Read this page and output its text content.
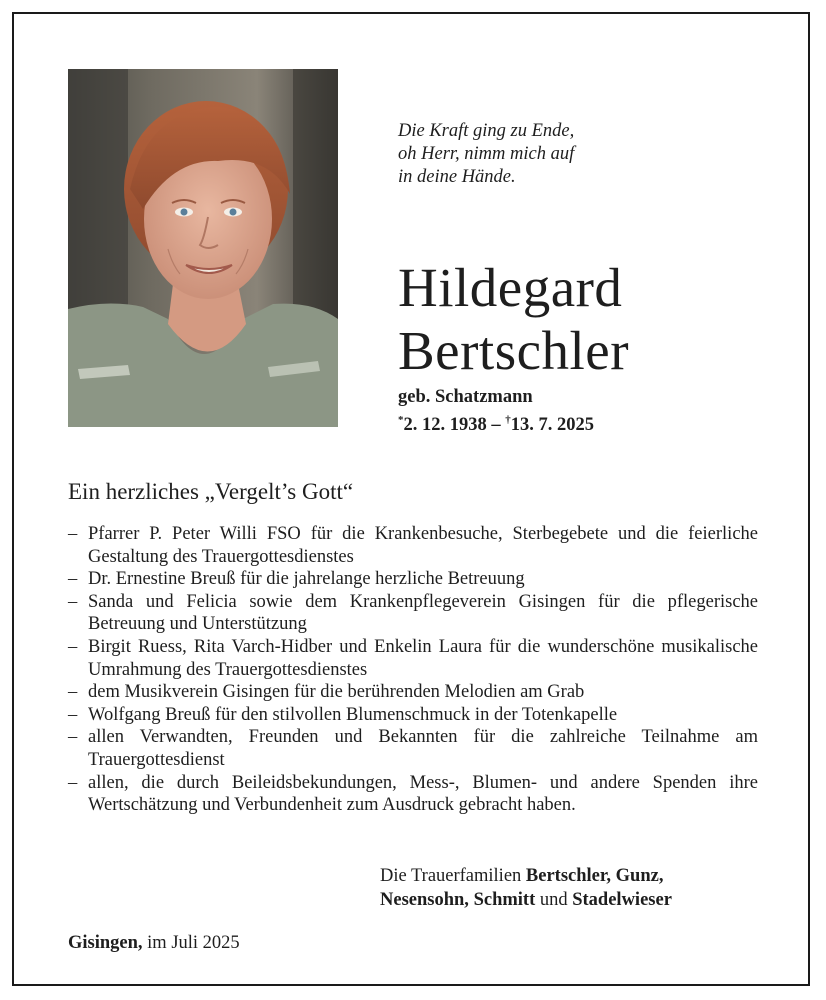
Die Kraft ging zu Ende,
oh Herr, nimm mich auf
in deine Hände.
Hildegard
Bertschler
geb. Schatzmann
*2. 12. 1938 – †13. 7. 2025
Ein herzliches „Vergelt’s Gott“
– Pfarrer P. Peter Willi FSO für die Krankenbesuche, Sterbegebete und die feierliche Gestaltung des Trauergottesdienstes
– Dr. Ernestine Breuß für die jahrelange herzliche Betreuung
– Sanda und Felicia sowie dem Krankenpflegeverein Gisingen für die pflegerische Betreuung und Unterstützung
– Birgit Ruess, Rita Varch-Hidber und Enkelin Laura für die wunderschöne musikalische Umrahmung des Trauergottesdienstes
– dem Musikverein Gisingen für die berührenden Melodien am Grab
– Wolfgang Breuß für den stilvollen Blumenschmuck in der Totenkapelle
– allen Verwandten, Freunden und Bekannten für die zahlreiche Teilnahme am Trauergottesdienst
– allen, die durch Beileidsbekundungen, Mess-, Blumen- und andere Spenden ihre Wertschätzung und Verbundenheit zum Ausdruck gebracht haben.
Die Trauerfamilien Bertschler, Gunz,
Nesensohn, Schmitt und Stadelwieser
Gisingen, im Juli 2025
